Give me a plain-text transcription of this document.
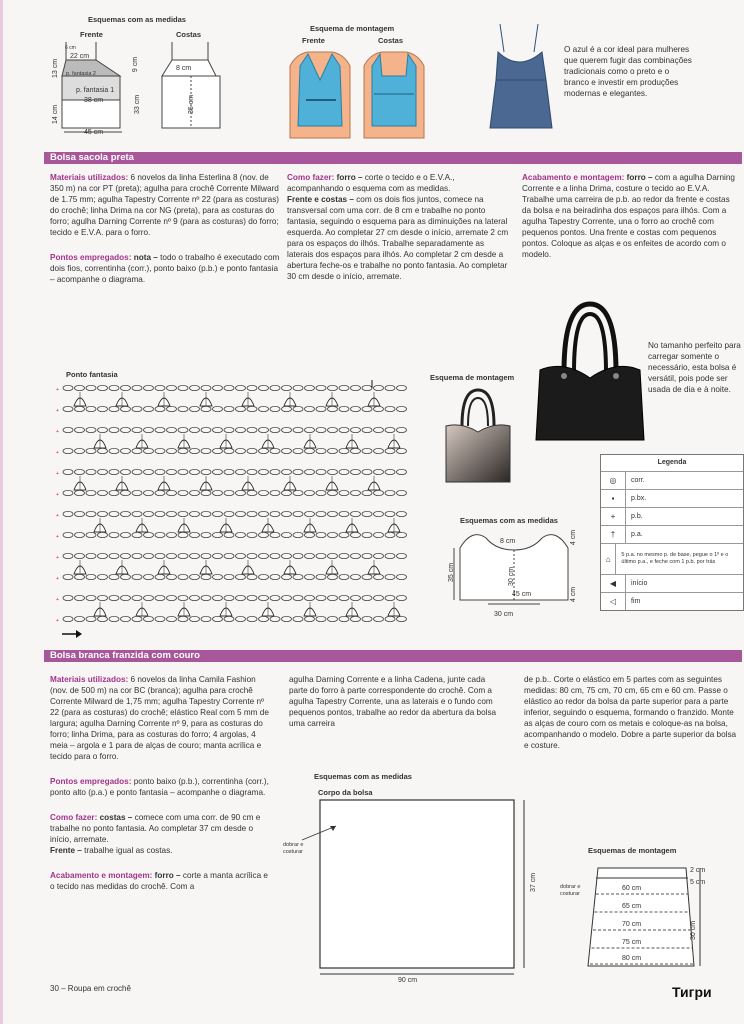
Esquemas com as medidas
Frente	Costas
22 cm
6 cm
13 cm	9 cm	8 cm
p. fantasia 2
p. fantasia 1
38 cm
14 cm
33 cm	35 cm
45 cm
Esquema de montagem
Frente	Costas
O azul é a cor ideal para mulheres que querem fugir das combinações tradicionais como o preto e o branco e investir em produções modernas e elegantes.
Bolsa sacola preta

Materiais utilizados: 6 novelos da linha Esterlina 8 (nov. de 350 m) na cor PT (preta); agulha para crochê Corrente Milward de 1.75 mm; agulha Tapestry Corrente nº 22 (para as costuras) do crochê; linha Drima na cor NG (preta), para as costuras do forro; agulha Darning Corrente nº 9 (para as costuras) do forro; tecido e E.V.A. para o forro.

Pontos empregados: nota – todo o trabalho é executado com dois fios, correntinha (corr.), ponto baixo (p.b.) e ponto fantasia – acompanhe o diagrama.

Como fazer: forro – corte o tecido e o E.V.A., acompanhando o esquema com as medidas.
Frente e costas – com os dois fios juntos, comece na transversal com uma corr. de 8 cm e trabalhe no ponto fantasia, seguindo o esquema para as diminuições na lateral esquerda. Ao completar 27 cm desde o início, arremate 2 cm para os espaços do ilhós. Trabalhe separadamente as laterais dos espaços para ilhós. Ao completar 2 cm desde a abertura feche-os e trabalhe no ponto fantasia. Ao completar 30 cm desde o início, arremate.

Acabamento e montagem: forro – com a agulha Darning Corrente e a linha Drima, costure o tecido ao E.V.A. Trabalhe uma carreira de p.b. ao redor da frente e costas da bolsa e na beiradinha dos espaços para ilhós. Com a agulha Tapestry Corrente, una o forro ao crochê com pequenos pontos. Una frente e costas com pequenos pontos. Coloque as alças e os enfeites de acordo com o modelo.

No tamanho perfeito para carregar somente o necessário, esta bolsa é versátil, pois pode ser usada de dia e à noite.
Ponto fantasia
+
+
+
+
+
+
+
+
+
+
+
+
Esquema de montagem
Esquemas com as medidas
8 cm	4 cm
35 cm	30 cm
45 cm	4 cm
30 cm
Legenda
◎	corr.
▪	p.bx.
+	p.b.
†	p.a.
⌂	5 p.a. no mesmo p. de base, pegue o 1º e o último p.a., e feche com 1 p.b. por trás
◀	início
◁	fim
Bolsa branca franzida com couro

Materiais utilizados: 6 novelos da linha Camila Fashion (nov. de 500 m) na cor BC (branca); agulha para crochê Corrente Milward de 1,75 mm; agulha Tapestry Corrente nº 22 (para as costuras) do crochê; elástico Real com 5 mm de largura; agulha Darning Corrente nº 9, para as costuras do forro; linha Drima, para as costuras do forro; 4 argolas, 4 meia – argola e 1 para de alças de couro; manta acrílica e tecido para o forro.

Pontos empregados: ponto baixo (p.b.), correntinha (corr.), ponto alto (p.a.) e ponto fantasia – acompanhe o diagrama.

Como fazer: costas – comece com uma corr. de 90 cm e trabalhe no ponto fantasia. Ao completar 37 cm desde o início, arremate.
Frente – trabalhe igual as costas.

Acabamento e montagem: forro – corte a manta acrílica e o tecido nas medidas do crochê. Com a

agulha Darning Corrente e a linha Cadena, junte cada parte do forro à parte correspondente do crochê. Com a agulha Tapestry Corrente, una as laterais e o fundo com pequenos pontos, trabalhe ao redor da abertura da bolsa uma carreira

de p.b.. Corte o elástico em 5 partes com as seguintes medidas: 80 cm, 75 cm, 70 cm, 65 cm e 60 cm. Passe o elástico ao redor da bolsa da parte superior para a parte inferior, seguindo o esquema, formando o franzido. Monte as alças de couro com os metais e coloque-as na bolsa, acompanhando o modelo. Dobre a parte superior da bolsa e costure.

Esquemas com as medidas
Corpo da bolsa
dobrar e costurar
37 cm
90 cm
Esquemas de montagem
dobrar e costurar
2 cm
5 cm
30 cm
60 cm
65 cm
70 cm
75 cm
80 cm
30 – Roupa em crochê	Тигри
